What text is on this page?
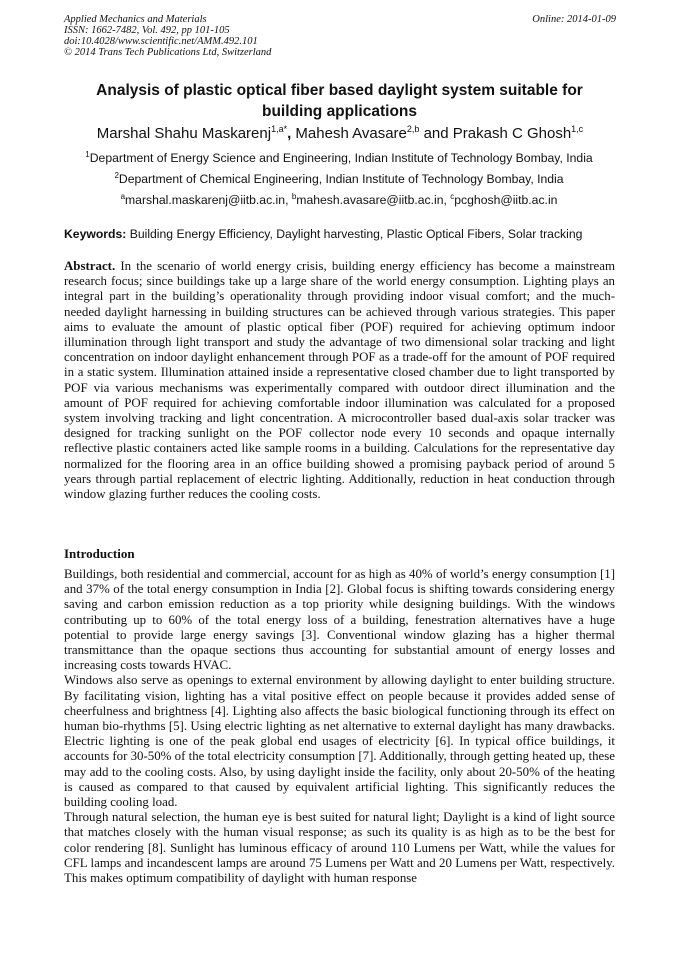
Applied Mechanics and Materials
ISSN: 1662-7482, Vol. 492, pp 101-105
doi:10.4028/www.scientific.net/AMM.492.101
© 2014 Trans Tech Publications Ltd, Switzerland
Online: 2014-01-09
Analysis of plastic optical fiber based daylight system suitable for building applications
Marshal Shahu Maskarenj$^{1,a*}$, Mahesh Avasare$^{2,b}$ and Prakash C Ghosh$^{1,c}$
$^1$Department of Energy Science and Engineering, Indian Institute of Technology Bombay, India
$^2$Department of Chemical Engineering, Indian Institute of Technology Bombay, India
$^a$marshal.maskarenj@iitb.ac.in, $^b$mahesh.avasare@iitb.ac.in, $^c$pcghosh@iitb.ac.in
Keywords: Building Energy Efficiency, Daylight harvesting, Plastic Optical Fibers, Solar tracking

Abstract. In the scenario of world energy crisis, building energy efficiency has become a mainstream research focus; since buildings take up a large share of the world energy consumption. Lighting plays an integral part in the building’s operationality through providing indoor visual comfort; and the much-needed daylight harnessing in building structures can be achieved through various strategies. This paper aims to evaluate the amount of plastic optical fiber (POF) required for achieving optimum indoor illumination through light transport and study the advantage of two dimensional solar tracking and light concentration on indoor daylight enhancement through POF as a trade-off for the amount of POF required in a static system. Illumination attained inside a representative closed chamber due to light transported by POF via various mechanisms was experimentally compared with outdoor direct illumination and the amount of POF required for achieving comfortable indoor illumination was calculated for a proposed system involving tracking and light concentration. A microcontroller based dual-axis solar tracker was designed for tracking sunlight on the POF collector node every 10 seconds and opaque internally reflective plastic containers acted like sample rooms in a building. Calculations for the representative day normalized for the flooring area in an office building showed a promising payback period of around 5 years through partial replacement of electric lighting. Additionally, reduction in heat conduction through window glazing further reduces the cooling costs.

Introduction

Buildings, both residential and commercial, account for as high as 40% of world’s energy consumption [1] and 37% of the total energy consumption in India [2]. Global focus is shifting towards considering energy saving and carbon emission reduction as a top priority while designing buildings. With the windows contributing up to 60% of the total energy loss of a building, fenestration alternatives have a huge potential to provide large energy savings [3]. Conventional window glazing has a higher thermal transmittance than the opaque sections thus accounting for substantial amount of energy losses and increasing costs towards HVAC.

Windows also serve as openings to external environment by allowing daylight to enter building structure. By facilitating vision, lighting has a vital positive effect on people because it provides added sense of cheerfulness and brightness [4]. Lighting also affects the basic biological functioning through its effect on human bio-rhythms [5]. Using electric lighting as net alternative to external daylight has many drawbacks. Electric lighting is one of the peak global end usages of electricity [6]. In typical office buildings, it accounts for 30-50% of the total electricity consumption [7]. Additionally, through getting heated up, these may add to the cooling costs. Also, by using daylight inside the facility, only about 20-50% of the heating is caused as compared to that caused by equivalent artificial lighting. This significantly reduces the building cooling load.

Through natural selection, the human eye is best suited for natural light; Daylight is a kind of light source that matches closely with the human visual response; as such its quality is as high as to be the best for color rendering [8]. Sunlight has luminous efficacy of around 110 Lumens per Watt, while the values for CFL lamps and incandescent lamps are around 75 Lumens per Watt and 20 Lumens per Watt, respectively. This makes optimum compatibility of daylight with human response
